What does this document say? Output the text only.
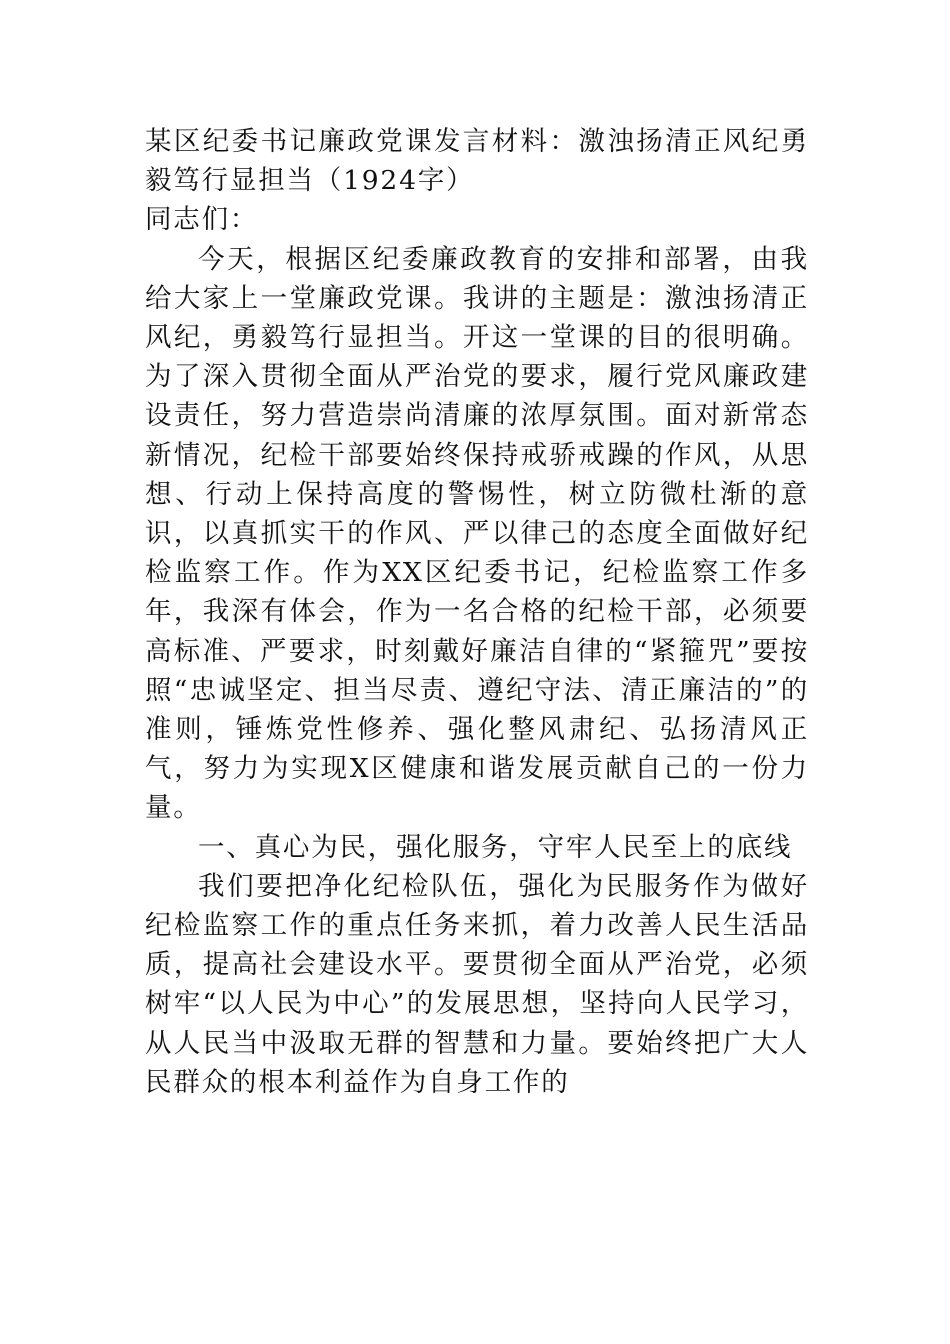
某区纪委书记廉政党课发言材料：激浊扬清正风纪勇毅笃行显担当（1924字）

同志们：

今天，根据区纪委廉政教育的安排和部署，由我给大家上一堂廉政党课。我讲的主题是：激浊扬清正风纪，勇毅笃行显担当。开这一堂课的目的很明确。为了深入贯彻全面从严治党的要求，履行党风廉政建设责任，努力营造崇尚清廉的浓厚氛围。面对新常态新情况，纪检干部要始终保持戒骄戒躁的作风，从思想、行动上保持高度的警惕性，树立防微杜渐的意识，以真抓实干的作风、严以律己的态度全面做好纪检监察工作。作为XX区纪委书记，纪检监察工作多年，我深有体会，作为一名合格的纪检干部，必须要高标准、严要求，时刻戴好廉洁自律的“紧箍咒”要按照“忠诚坚定、担当尽责、遵纪守法、清正廉洁的”的准则，锤炼党性修养、强化整风肃纪、弘扬清风正气，努力为实现X区健康和谐发展贡献自己的一份力量。

一、真心为民，强化服务，守牢人民至上的底线

我们要把净化纪检队伍，强化为民服务作为做好纪检监察工作的重点任务来抓，着力改善人民生活品质，提高社会建设水平。要贯彻全面从严治党，必须树牢“以人民为中心”的发展思想，坚持向人民学习，从人民当中汲取无群的智慧和力量。要始终把广大人民群众的根本利益作为自身工作的
